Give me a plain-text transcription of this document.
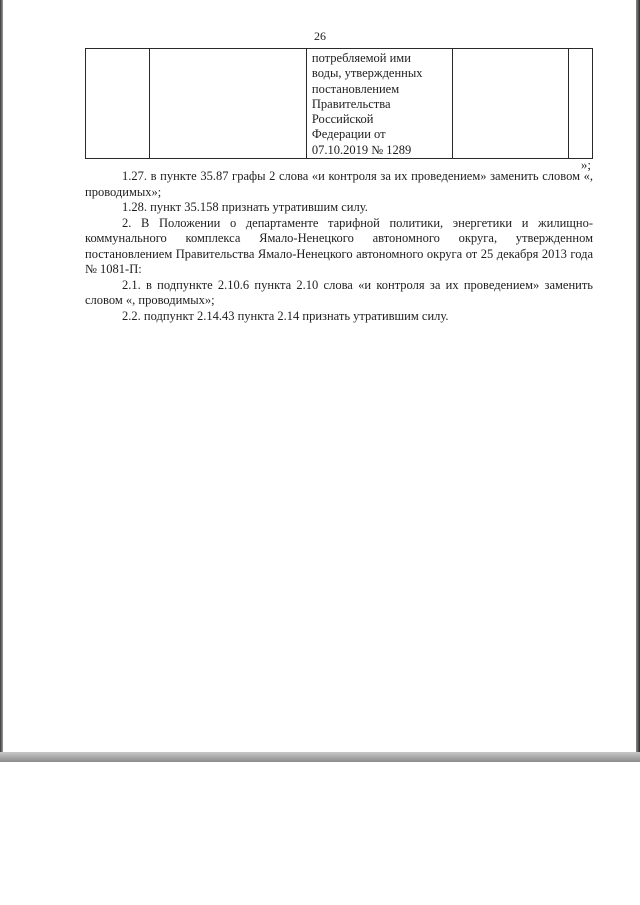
26

потребляемой ими
воды, утвержденных
постановлением
Правительства
Российской
Федерации от
07.10.2019 № 1289

»;

1.27. в пункте 35.87 графы 2 слова «и контроля за их проведением» заменить словом «, проводимых»;

1.28. пункт 35.158 признать утратившим силу.

2. В Положении о департаменте тарифной политики, энергетики и жилищно-коммунального комплекса Ямало-Ненецкого автономного округа, утвержденном постановлением Правительства Ямало-Ненецкого автономного округа от 25 декабря 2013 года № 1081-П:

2.1. в подпункте 2.10.6 пункта 2.10 слова «и контроля за их проведением» заменить словом «, проводимых»;

2.2. подпункт 2.14.43 пункта 2.14 признать утратившим силу.
